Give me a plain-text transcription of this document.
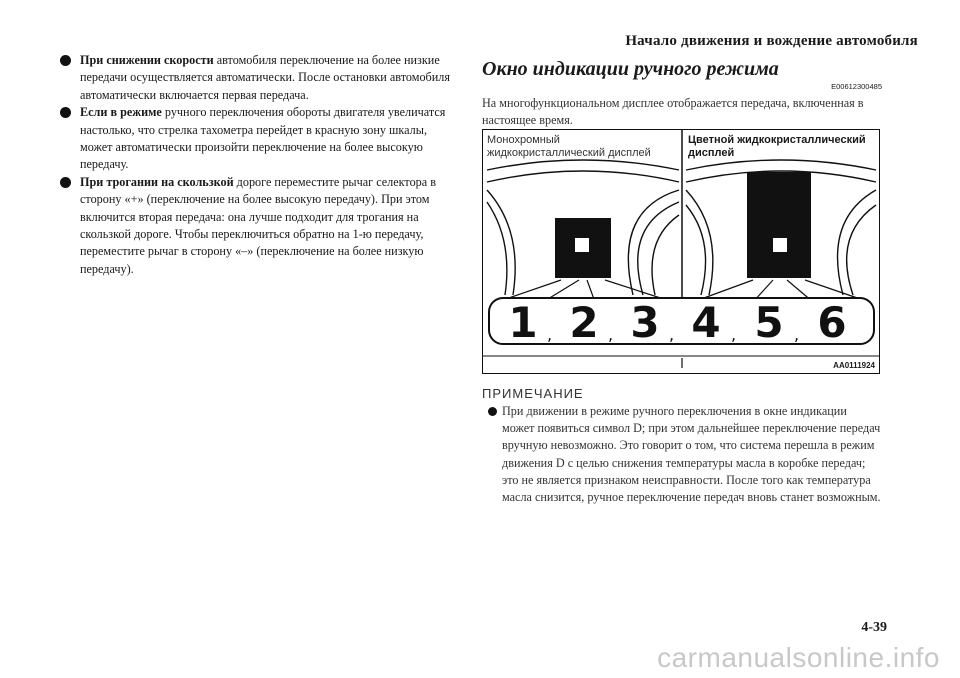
Начало движения и вождение автомобиля

При снижении скорости автомобиля переключение на более низкие передачи осуществляется автоматически. После остановки автомобиля автоматически включается первая передача.

Если в режиме ручного переключения обороты двигателя увеличатся настолько, что стрелка тахометра перейдет в красную зону шкалы, может автоматически произойти переключение на более высокую передачу.

При трогании на скользкой дороге переместите рычаг селектора в сторону «+» (переключение на более высокую передачу). При этом включится вторая передача: она лучше подходит для трогания на скользкой дороге. Чтобы переключиться обратно на 1-ю передачу, переместите рычаг в сторону «–» (переключение на более низкую передачу).

Окно индикации ручного режима
E00612300485
На многофункциональном дисплее отображается передача, включенная в настоящее время.
1 2 3 4 5 6
,	,	,	,	,
Монохромный жидкокристаллический дисплей
Цветной жидкокристаллический дисплей
AA0111924
ПРИМЕЧАНИЕ
При движении в режиме ручного переключения в окне индикации может появиться символ D; при этом дальнейшее переключение передач вручную невозможно. Это говорит о том, что система перешла в режим движения D с целью снижения температуры масла в коробке передач; это не является признаком неисправности. После того как температура масла снизится, ручное переключение передач вновь станет возможным.
4-39
carmanualsonline.info
